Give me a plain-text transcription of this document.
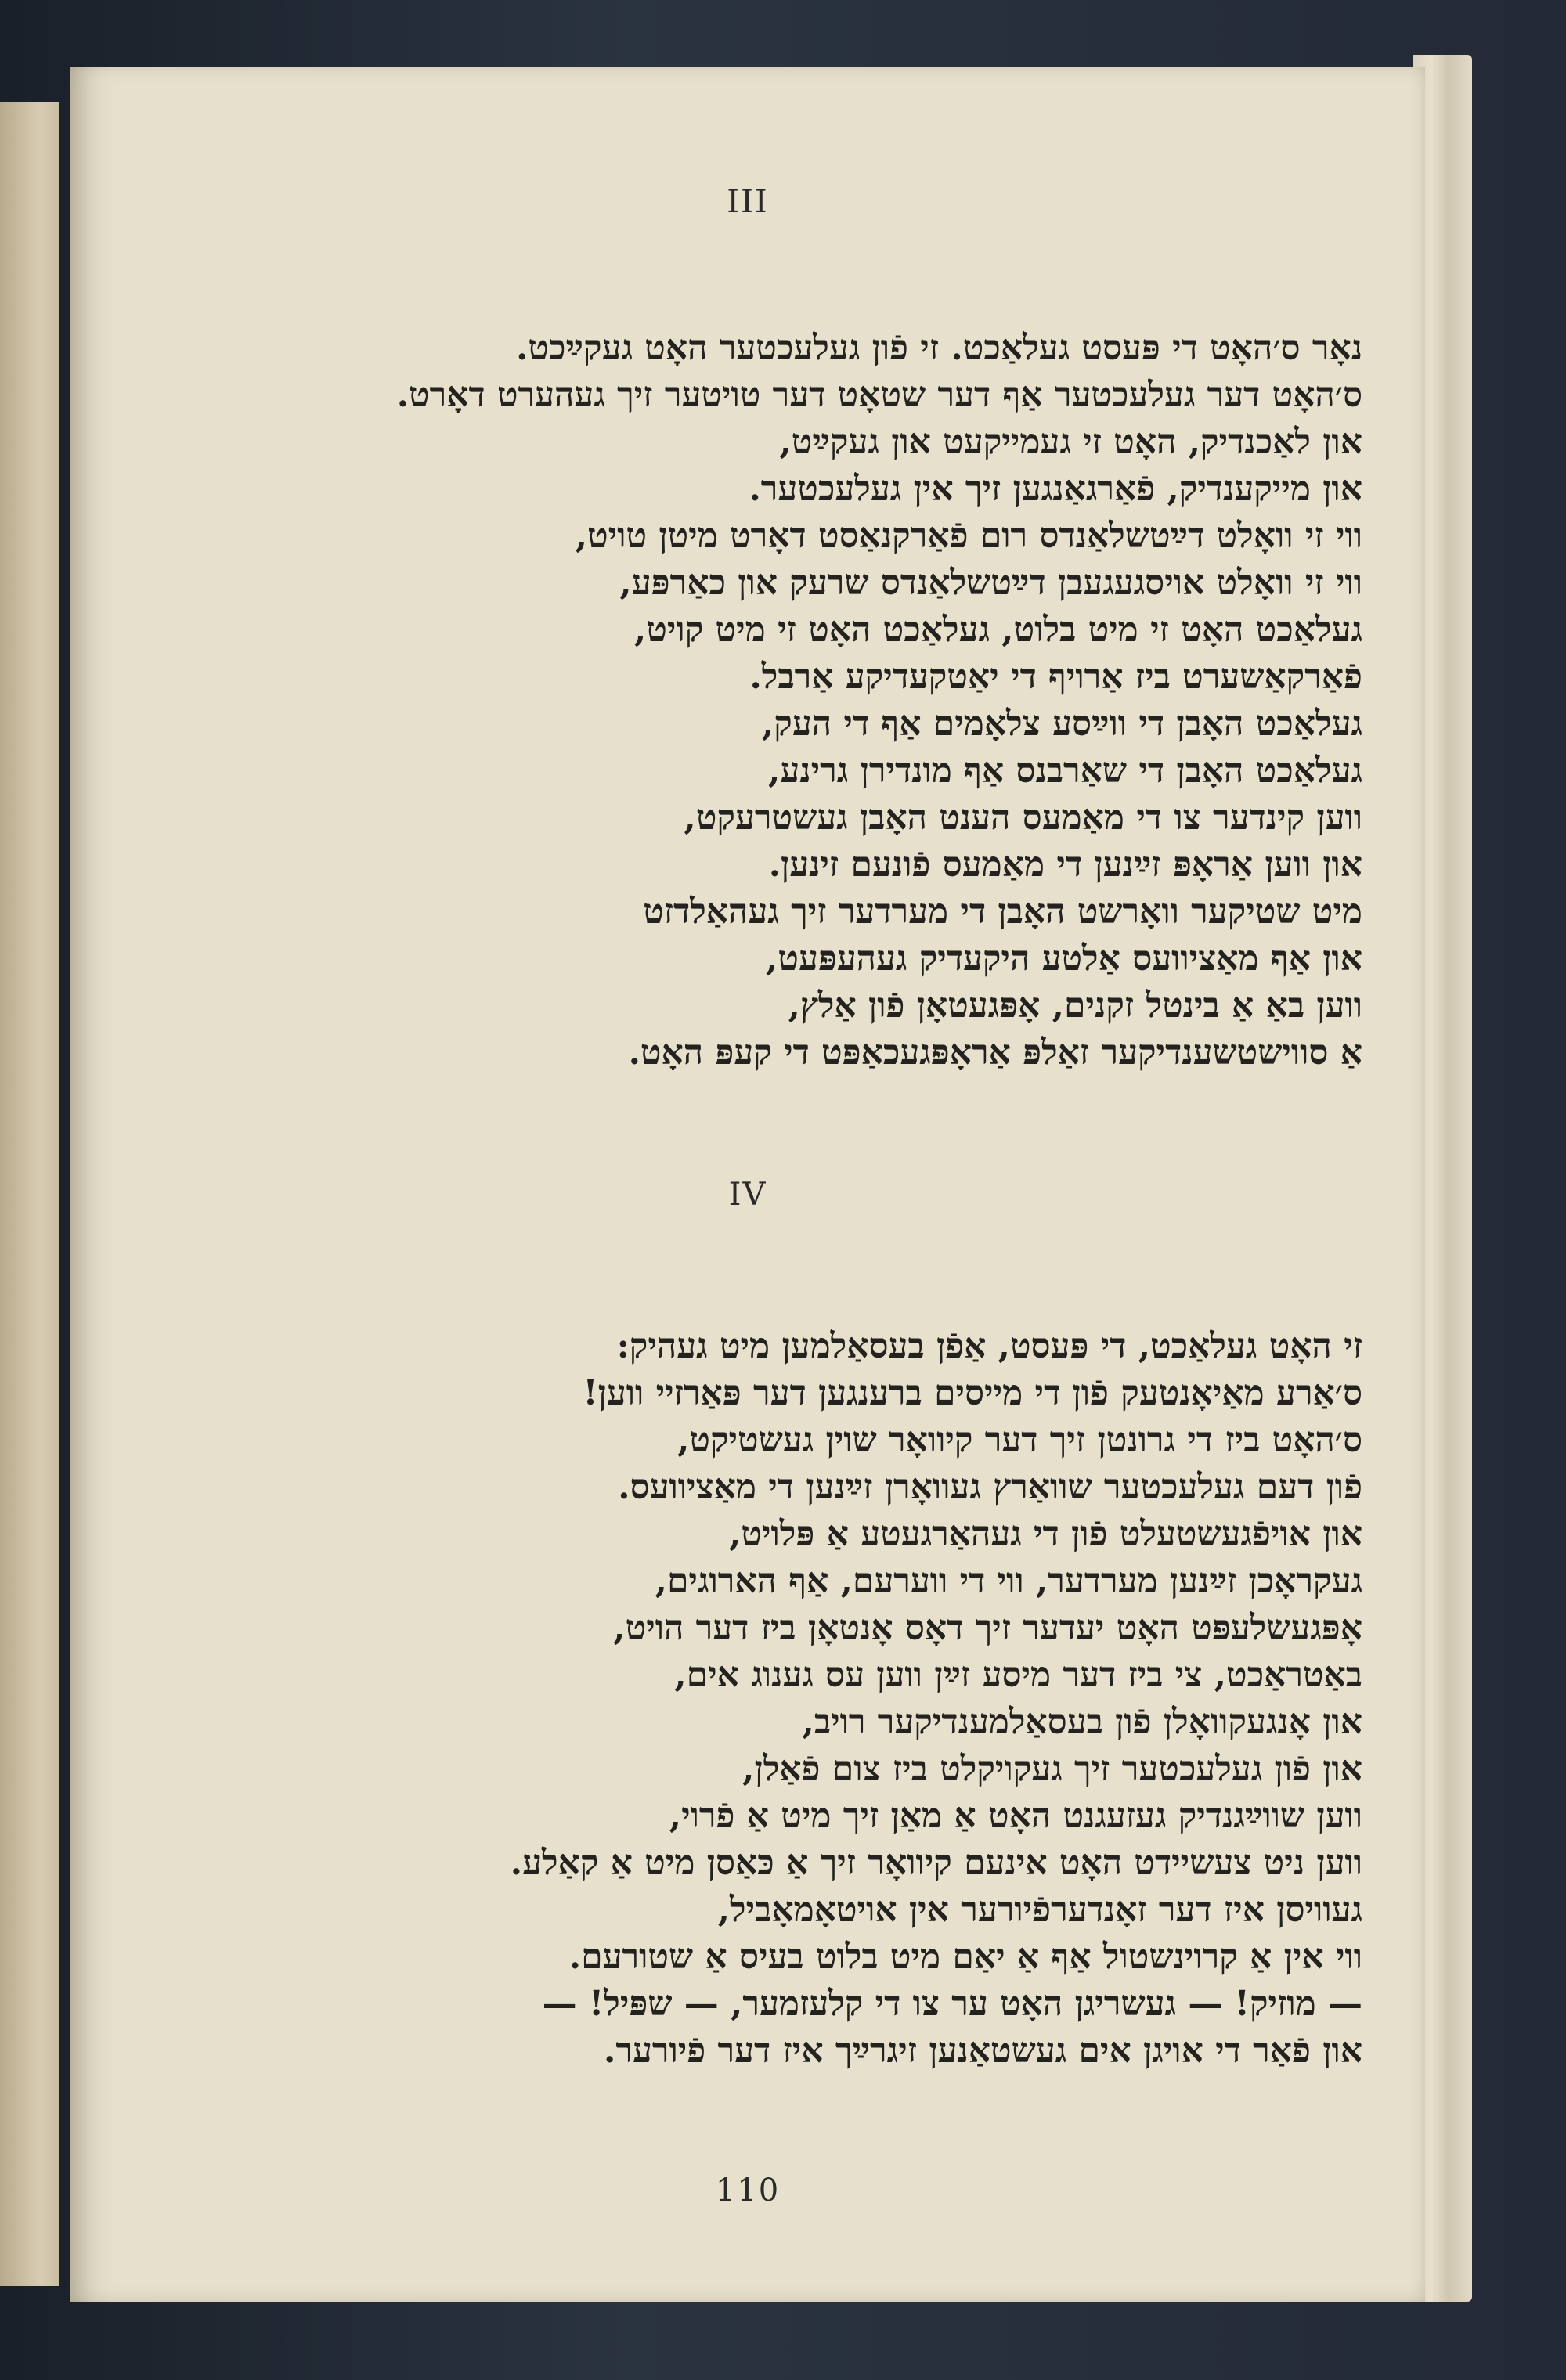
III
נאָר ס׳האָט די פּעסט געלאַכט. זי פֿון געלעכטער האָט געקײַכט.
ס׳האָט דער געלעכטער אַף דער שטאָט דער טויטער זיך געהערט דאָרט.
און לאַכנדיק, האָט זי געמייקעט און געקײַט,
און מייקענדיק, פֿאַרגאַנגען זיך אין געלעכטער.
ווי זי וואָלט דײַטשלאַנדס רום פֿאַרקנאַסט דאָרט מיטן טויט,
ווי זי וואָלט אויסגעגעבן דײַטשלאַנדס שרעק און כאַרפּע,
געלאַכט האָט זי מיט בלוט, געלאַכט האָט זי מיט קויט,
פֿאַרקאַשערט ביז אַרויף די יאַטקעדיקע אַרבל.
געלאַכט האָבן די ווײַסע צלאָמים אַף די העק,
געלאַכט האָבן די שאַרבנס אַף מונדירן גרינע,
ווען קינדער צו די מאַמעס הענט האָבן געשטרעקט,
און ווען אַראָפּ זײַנען די מאַמעס פֿונעם זינען.
מיט שטיקער וואָרשט האָבן די מערדער זיך געהאַלדזט
און אַף מאַציוועס אַלטע היקעדיק געהעפּעט,
ווען באַ אַ בינטל זקנים, אָפּגעטאָן פֿון אַלץ,
אַ סווישטשענדיקער זאַלפּ אַראָפּגעכאַפּט די קעפּ האָט.
IV
זי האָט געלאַכט, די פּעסט, אַפֿן בעסאַלמען מיט געהיק:
ס׳אַרע מאַיאָנטעק פֿון די מייסים ברענגען דער פּאַרזיי ווען!
ס׳האָט ביז די גרונטן זיך דער קיוואָר שוין געשטיקט,
פֿון דעם געלעכטער שוואַרץ געוואָרן זײַנען די מאַציוועס.
און אויפֿגעשטעלט פֿון די געהאַרגעטע אַ פּלויט,
געקראָכן זײַנען מערדער, ווי די ווערעם, אַף הארוגים,
אָפּגעשלעפּט האָט יעדער זיך דאָס אָנטאָן ביז דער הויט,
באַטראַכט, צי ביז דער מיסע זײַן ווען עס גענוג אים,
און אָנגעקוואָלן פֿון בעסאַלמענדיקער רויב,
און פֿון געלעכטער זיך געקויקלט ביז צום פֿאַלן,
ווען שווײַגנדיק געזעגנט האָט אַ מאַן זיך מיט אַ פֿרוי,
ווען ניט צעשיידט האָט אינעם קיוואָר זיך אַ כּאַסן מיט אַ קאַלע.
געוויסן איז דער זאָנדערפֿיורער אין אויטאָמאָביל,
ווי אין אַ קרוינשטול אַף אַ יאַם מיט בלוט בעיס אַ שטורעם.
— מוזיק! — געשריגן האָט ער צו די קלעזמער, — שפּיל! —
און פֿאַר די אויגן אים געשטאַנען זיגרײַך איז דער פֿיורער.
110
